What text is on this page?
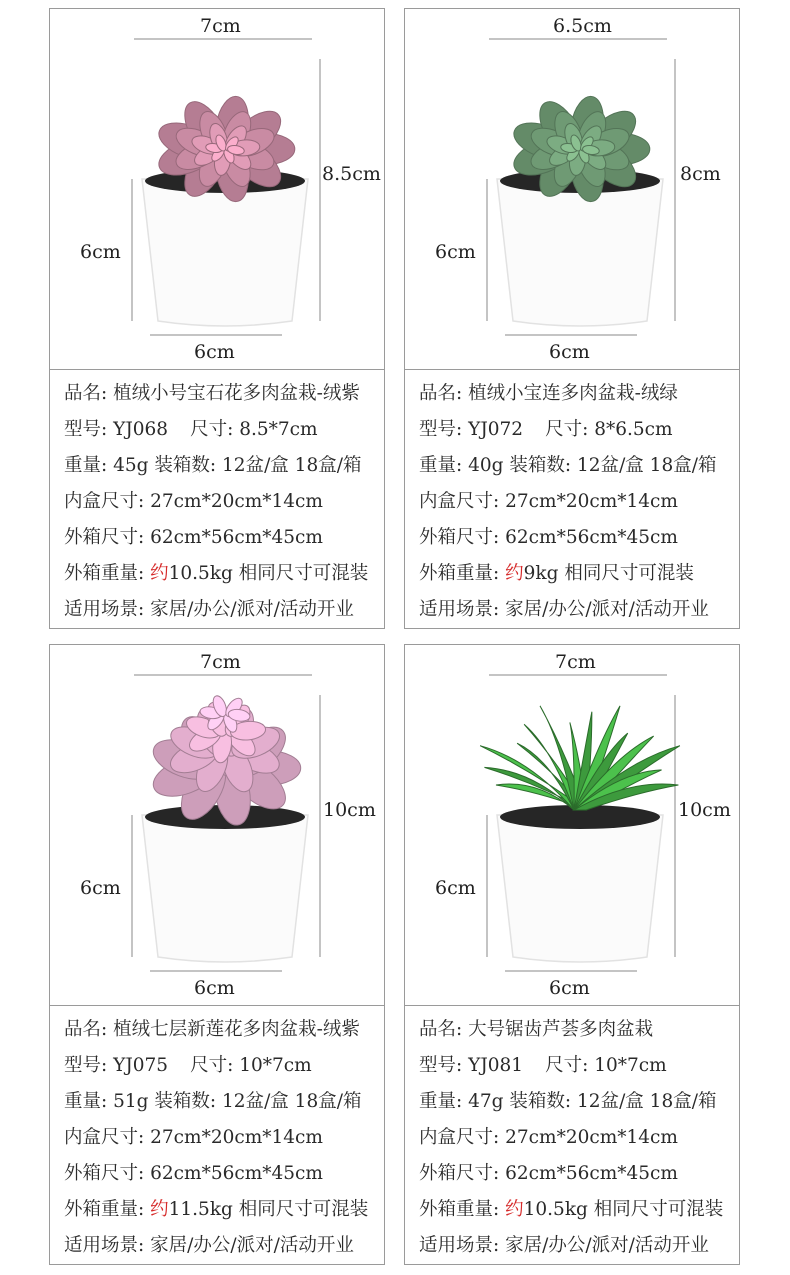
7cm
8.5cm
6cm
6cm
品名: 植绒小号宝石花多肉盆栽-绒紫
型号: YJ068 尺寸: 8.5*7cm
重量: 45g 装箱数: 12盆/盒 18盒/箱
内盒尺寸: 27cm*20cm*14cm
外箱尺寸: 62cm*56cm*45cm
外箱重量: 约10.5kg 相同尺寸可混装
适用场景: 家居/办公/派对/活动开业
6.5cm
8cm
6cm
6cm
品名: 植绒小宝连多肉盆栽-绒绿
型号: YJ072 尺寸: 8*6.5cm
重量: 40g 装箱数: 12盆/盒 18盒/箱
内盒尺寸: 27cm*20cm*14cm
外箱尺寸: 62cm*56cm*45cm
外箱重量: 约9kg 相同尺寸可混装
适用场景: 家居/办公/派对/活动开业
7cm
10cm
6cm
6cm
品名: 植绒七层新莲花多肉盆栽-绒紫
型号: YJ075 尺寸: 10*7cm
重量: 51g 装箱数: 12盆/盒 18盒/箱
内盒尺寸: 27cm*20cm*14cm
外箱尺寸: 62cm*56cm*45cm
外箱重量: 约11.5kg 相同尺寸可混装
适用场景: 家居/办公/派对/活动开业
7cm
10cm
6cm
6cm
品名: 大号锯齿芦荟多肉盆栽
型号: YJ081 尺寸: 10*7cm
重量: 47g 装箱数: 12盆/盒 18盒/箱
内盒尺寸: 27cm*20cm*14cm
外箱尺寸: 62cm*56cm*45cm
外箱重量: 约10.5kg 相同尺寸可混装
适用场景: 家居/办公/派对/活动开业
